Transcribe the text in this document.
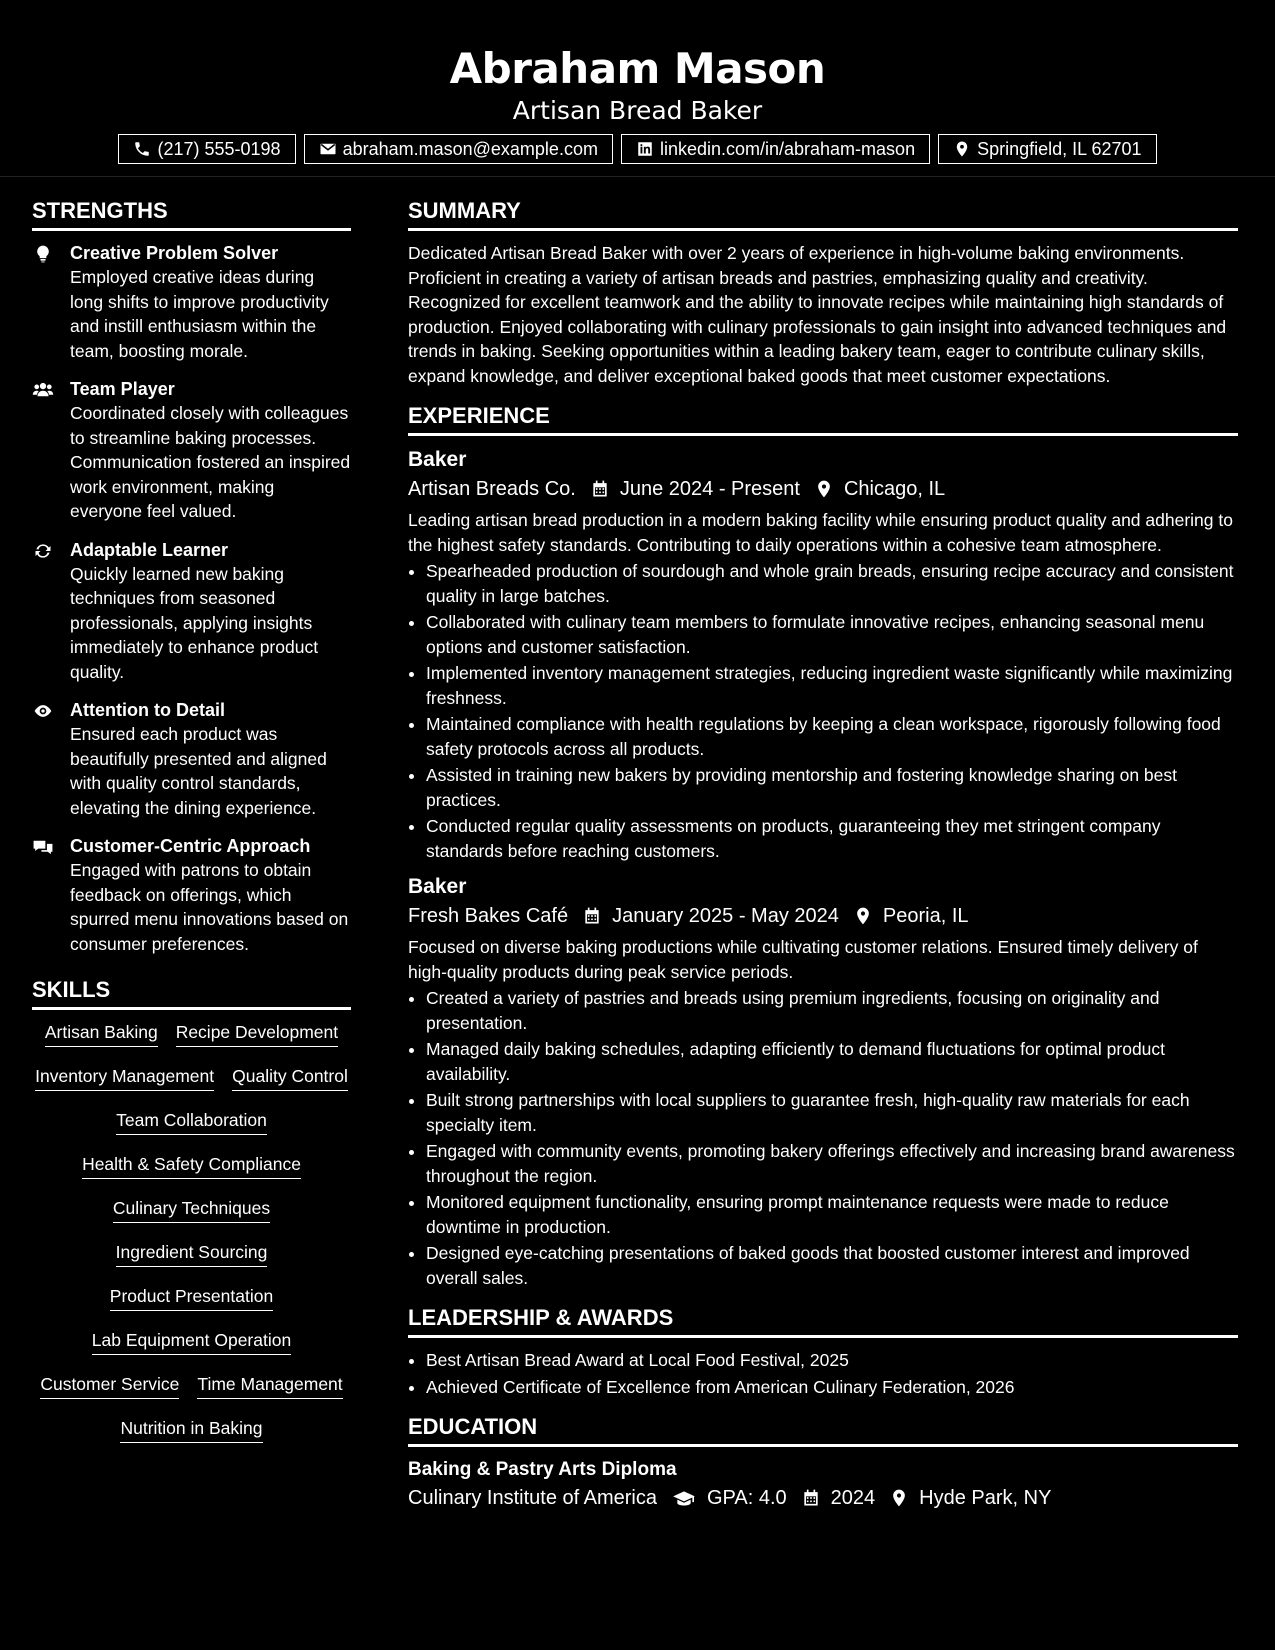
Abraham Mason
Artisan Bread Baker
(217) 555-0198	abraham.mason@example.com	linkedin.com/in/abraham-mason	Springfield, IL 62701
STRENGTHS
Creative Problem Solver
Employed creative ideas during long shifts to improve productivity and instill enthusiasm within the team, boosting morale.
Team Player
Coordinated closely with colleagues to streamline baking processes. Communication fostered an inspired work environment, making everyone feel valued.
Adaptable Learner
Quickly learned new baking techniques from seasoned professionals, applying insights immediately to enhance product quality.
Attention to Detail
Ensured each product was beautifully presented and aligned with quality control standards, elevating the dining experience.
Customer-Centric Approach
Engaged with patrons to obtain feedback on offerings, which spurred menu innovations based on consumer preferences.
SKILLS
Artisan Baking Recipe Development
Inventory Management Quality Control
Team Collaboration
Health & Safety Compliance
Culinary Techniques
Ingredient Sourcing
Product Presentation
Lab Equipment Operation
Customer Service Time Management
Nutrition in Baking
SUMMARY

Dedicated Artisan Bread Baker with over 2 years of experience in high-volume baking environments. Proficient in creating a variety of artisan breads and pastries, emphasizing quality and creativity. Recognized for excellent teamwork and the ability to innovate recipes while maintaining high standards of production. Enjoyed collaborating with culinary professionals to gain insight into advanced techniques and trends in baking. Seeking opportunities within a leading bakery team, eager to contribute culinary skills, expand knowledge, and deliver exceptional baked goods that meet customer expectations.

EXPERIENCE
Baker
Artisan Breads Co. June 2024 - Present Chicago, IL

Leading artisan bread production in a modern baking facility while ensuring product quality and adhering to the highest safety standards. Contributing to daily operations within a cohesive team atmosphere.

• Spearheaded production of sourdough and whole grain breads, ensuring recipe accuracy and consistent quality in large batches.
• Collaborated with culinary team members to formulate innovative recipes, enhancing seasonal menu options and customer satisfaction.
• Implemented inventory management strategies, reducing ingredient waste significantly while maximizing freshness.
• Maintained compliance with health regulations by keeping a clean workspace, rigorously following food safety protocols across all products.
• Assisted in training new bakers by providing mentorship and fostering knowledge sharing on best practices.
• Conducted regular quality assessments on products, guaranteeing they met stringent company standards before reaching customers.
Baker
Fresh Bakes Café January 2025 - May 2024 Peoria, IL

Focused on diverse baking productions while cultivating customer relations. Ensured timely delivery of high-quality products during peak service periods.

• Created a variety of pastries and breads using premium ingredients, focusing on originality and presentation.
• Managed daily baking schedules, adapting efficiently to demand fluctuations for optimal product availability.
• Built strong partnerships with local suppliers to guarantee fresh, high-quality raw materials for each specialty item.
• Engaged with community events, promoting bakery offerings effectively and increasing brand awareness throughout the region.
• Monitored equipment functionality, ensuring prompt maintenance requests were made to reduce downtime in production.
• Designed eye-catching presentations of baked goods that boosted customer interest and improved overall sales.
LEADERSHIP & AWARDS
• Best Artisan Bread Award at Local Food Festival, 2025
• Achieved Certificate of Excellence from American Culinary Federation, 2026
EDUCATION
Baking & Pastry Arts Diploma
Culinary Institute of America	GPA: 4.0 2024 Hyde Park, NY
